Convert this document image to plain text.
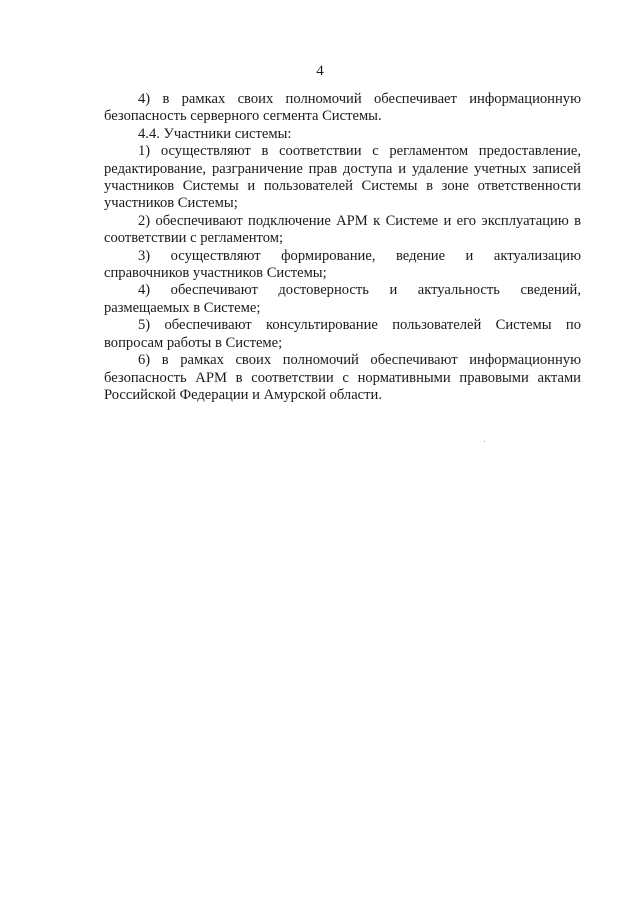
4

4) в рамках своих полномочий обеспечивает информационную безопасность серверного сегмента Системы.

4.4. Участники системы:

1) осуществляют в соответствии с регламентом предоставление, редактирование, разграничение прав доступа и удаление учетных записей участников Системы и пользователей Системы в зоне ответственности участников Системы;

2) обеспечивают подключение АРМ к Системе и его эксплуатацию в соответствии с регламентом;

3) осуществляют формирование, ведение и актуализацию справочников участников Системы;

4) обеспечивают достоверность и актуальность сведений, размещаемых в Системе;

5) обеспечивают консультирование пользователей Системы по вопросам работы в Системе;

6) в рамках своих полномочий обеспечивают информационную безопасность АРМ в соответствии с нормативными правовыми актами Российской Федерации и Амурской области.
